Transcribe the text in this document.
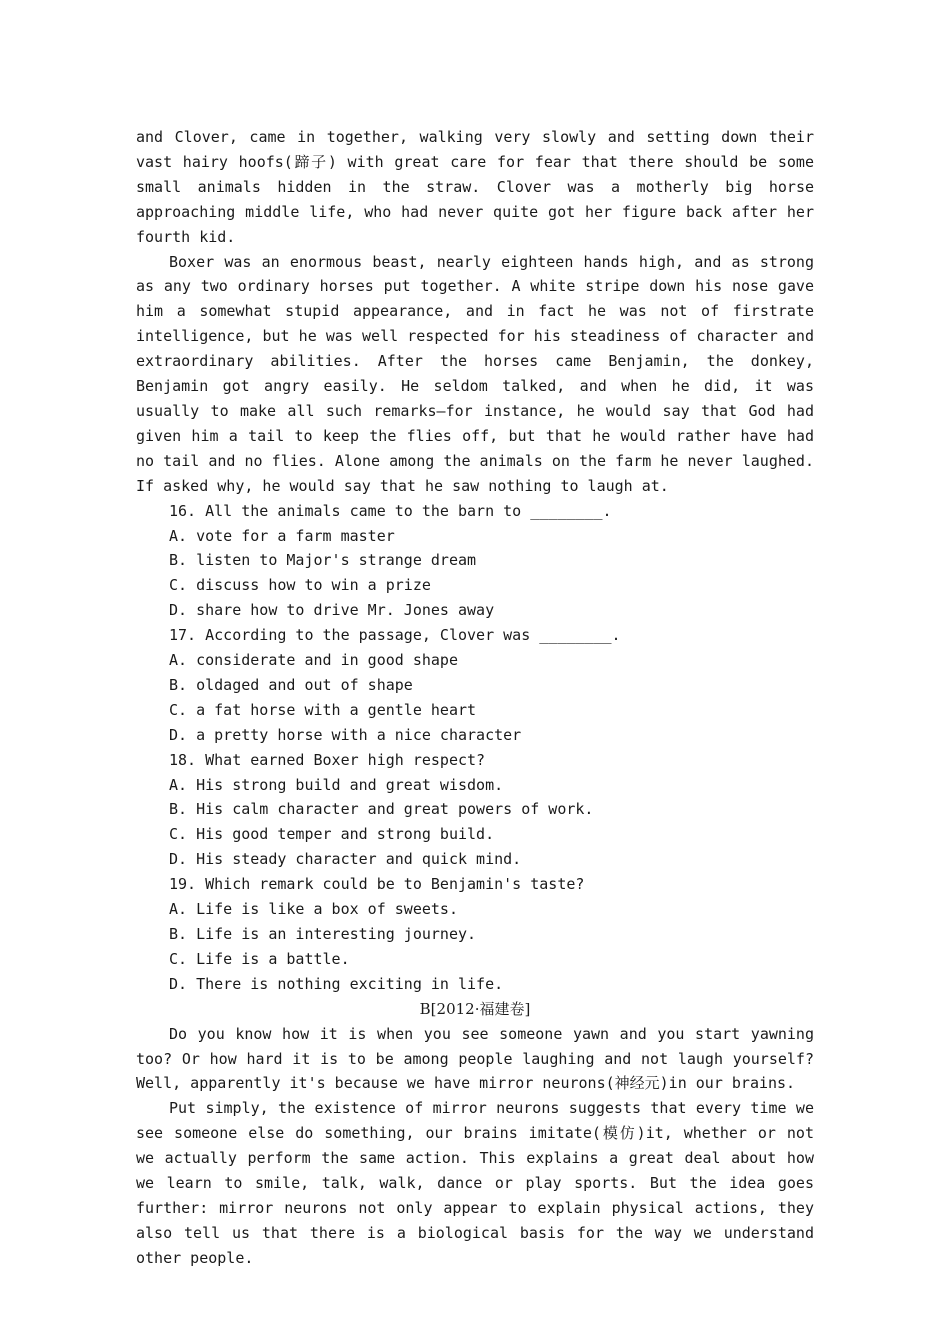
and Clover, came in together, walking very slowly and setting down their vast hairy hoofs(蹄子) with great care for fear that there should be some small animals hidden in the straw. Clover was a motherly big horse approaching middle life, who had never quite got her figure back after her fourth kid.

Boxer was an enormous beast, nearly eighteen hands high, and as strong as any two ordinary horses put together. A white stripe down his nose gave him a somewhat stupid appearance, and in fact he was not of firstrate intelligence, but he was well respected for his steadiness of character and extraordinary abilities. After the horses came Benjamin, the donkey, Benjamin got angry easily. He seldom talked, and when he did, it was usually to make all such remarks—for instance, he would say that God had given him a tail to keep the flies off, but that he would rather have had no tail and no flies. Alone among the animals on the farm he never laughed. If asked why, he would say that he saw nothing to laugh at.

16. All the animals came to the barn to ________.

A. vote for a farm master

B. listen to Major's strange dream

C. discuss how to win a prize

D. share how to drive Mr. Jones away

17. According to the passage, Clover was ________.

A. considerate and in good shape

B. oldaged and out of shape

C. a fat horse with a gentle heart

D. a pretty horse with a nice character

18. What earned Boxer high respect?

A. His strong build and great wisdom.

B. His calm character and great powers of work.

C. His good temper and strong build.

D. His steady character and quick mind.

19. Which remark could be to Benjamin's taste?

A. Life is like a box of sweets.

B. Life is an interesting journey.

C. Life is a battle.

D. There is nothing exciting in life.

B[2012·福建卷]

Do you know how it is when you see someone yawn and you start yawning too? Or how hard it is to be among people laughing and not laugh yourself? Well, apparently it's because we have mirror neurons(神经元)in our brains.

Put simply, the existence of mirror neurons suggests that every time we see someone else do something, our brains imitate(模仿)it, whether or not we actually perform the same action. This explains a great deal about how we learn to smile, talk, walk, dance or play sports. But the idea goes further: mirror neurons not only appear to explain physical actions, they also tell us that there is a biological basis for the way we understand other people.
